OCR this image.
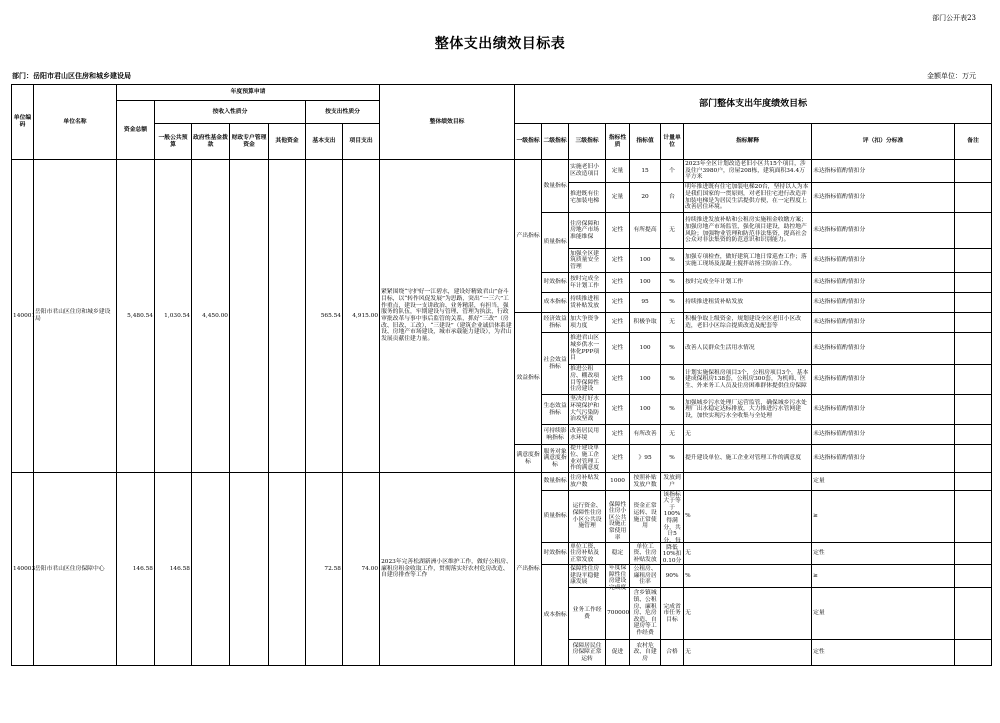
部门公开表23
整体支出绩效目标表
部门：岳阳市君山区住房和城乡建设局	金额单位：万元
单位编码	单位名称	年度预算申请							整体绩效目标	部门整体支出年度绩效目标								
		资金总额	按收入性质分				按支出性质分											

			一般公共预算	政府性基金拨款	财政专户管理资金	其他资金	基本支出	项目支出		一级指标	二级指标	三级指标	指标性质	指标值	计量单位	指标解释	评（扣）分标准	备注
140001	岳阳市君山区住房和城乡建设局	5,480.54	1,030.54	4,450.00			565.54	4,915.00	紧紧围绕“守护好一江碧水，建设好精致君山”奋斗目标，以“转作风促发展”为思路，突出“一三六”工作重点，建设一支讲政治、业务精湛，有担当，强服务的队伍，牢期建设与管理、管理为执法，行政审批改革与事中事后监管的关系，抓好“三改”（房改、旧改、工改），“三建设”（建筑企业诚信体系建设、房地产市场建设，城市承载能力建设），为君山发展贡献住建力量。	产出指标	数量指标	实施老旧小区改造项目	定量	15	个	2023年全区计划改造老旧小区共15个项目，涉及住户3980户，房屋208栋，建筑面积34.4万平方米	未达指标值酌情扣分	

												推进既有住宅加装电梯	定量	20	台	明年推进既有住宅加装电梯20台，坚持以人为本是我们国家的一贯原则，对老旧住宅进行改造并加装电梯是为居民生活提供方便，在一定程度上改善居住环境。	未达指标值酌情扣分	
											质量指标	住房保障和房地产市场准能维保	定性	有所提高	无	持续推进发放补贴和公租房实施租金收缴方案；加强房地产市场监管，强化项目建设，助控地产风险；加强物业管理和防范非法集资，提高社会公众对非法集资的防范意识和识别能力。	未达指标值酌情扣分	

												加强全区建筑质量安全管理	定性	100	%	加强专项检查，做好建筑工地日常巡查工作；落实施工现场及混凝土搅拌站扬尘防治工作。	未达指标值酌情扣分	
											时效指标	按时完成全年计划工作	定性	100	%	按时完成全年计划工作	未达指标值酌情扣分	
											成本指标	持续推进租赁补贴发放	定性	95	%	持续推进租赁补贴发放	未达指标值酌情扣分	
										效益指标	经济效益指标	加大争资争项力度	定性	积极争取	无	积极争取上级资金，规划建设全区老旧小区改造，老旧小区综合提质改造及配套等	未达指标值酌情扣分	
											社会效益指标	推进君山区城乡供水一体化PPP项目	定性	100	%	改善人民群众生活用水情况	未达指标值酌情扣分	

												推进公租房、棚改项目等保障性住房建设	定性	100	%	计划实施保租房项目3个，公租房项目3个，基本建成保租房138套，公租房300套，为机师、医生、外来务工人员及住房困难群体提供住房保障	未达指标值酌情扣分	
											生态效益指标	坚决打好水环境保护和大气污染防治攻坚战	定性	100	%	加强城乡污水处理厂运营监管，确保城乡污水处理厂出水稳定达标排放，大力推进污水管网建设，加快实现污水全收集与全处理	未达指标值酌情扣分	
											可持续影响指标	改善居民用水环境	定性	有所改善	无	无	未达指标值酌情扣分	
										满意度指标	服务对象满意度指标	提升建设单位、施工企业对管理工作的满意度	定性	》95	%	提升建设单位、施工企业对管理工作的满意度	未达指标值酌情扣分	
140003	岳阳市君山区住房保障中心	146.58	146.58				72.58	74.00	2023年完善松湖新洲小区维护工作，做好公租房、廉租房租金收取工作，贯彻落实好农村危房改造、自建房排查等工作	产出指标	数量指标	住房补贴发放户数	1000	按照补贴发放户数	发放到户		定量	
											质量指标	运行资金、保障性住房小区公共设施管理	保障性住房小区公共设施正常使用率	资金正常运转、设施正常使用	该指标大于等于100%得满分，共计5分，每降低10%扣0.10分	%	≥	
											时效指标	单位工资、住房补贴及正常发放	稳定	单位工资、住房补贴发放		无	定性	
											成本指标	保障性住房建设平稳健康发展	年度保障性住房建设完成度	公租房、廉租房居住率	90%	%	≥	
												业务工作经费	700000	含乡镇城镇、公租房、廉租房、危房改造、自建房等工作经费	完成省市任务目标	无	定量	

												保障居民住房保障正常运转	促进	农村危改、自建房	合格	无	定性	
